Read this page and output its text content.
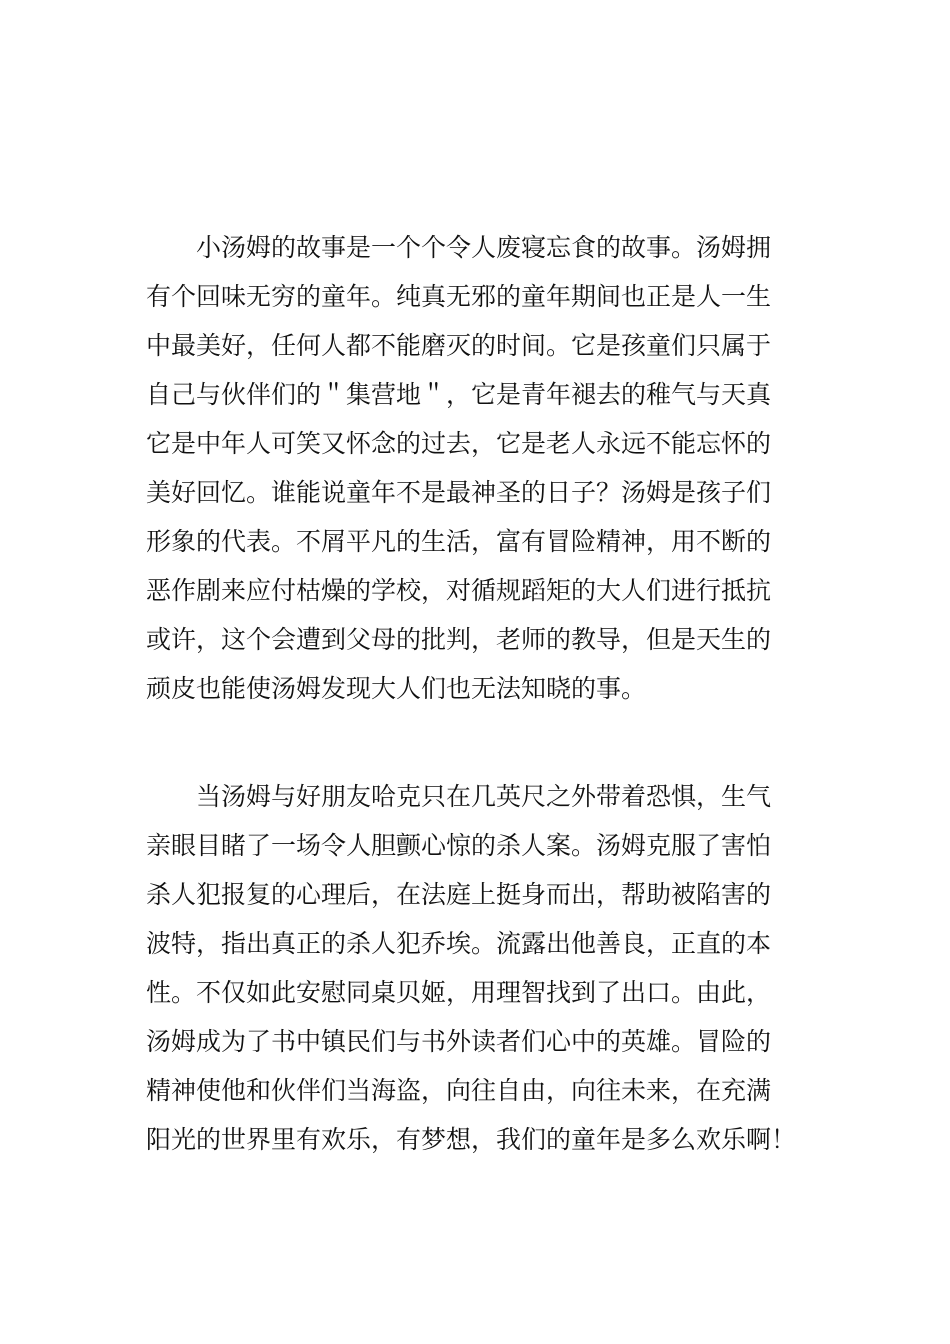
　　小汤姆的故事是一个个令人废寝忘食的故事。汤姆拥
有个回味无穷的童年。纯真无邪的童年期间也正是人一生
中最美好，任何人都不能磨灭的时间。它是孩童们只属于
自己与伙伴们的＂集营地＂，它是青年褪去的稚气与天真
它是中年人可笑又怀念的过去，它是老人永远不能忘怀的
美好回忆。谁能说童年不是最神圣的日子？汤姆是孩子们
形象的代表。不屑平凡的生活，富有冒险精神，用不断的
恶作剧来应付枯燥的学校，对循规蹈矩的大人们进行抵抗
或许，这个会遭到父母的批判，老师的教导，但是天生的
顽皮也能使汤姆发现大人们也无法知晓的事。
　　当汤姆与好朋友哈克只在几英尺之外带着恐惧，生气
亲眼目睹了一场令人胆颤心惊的杀人案。汤姆克服了害怕
杀人犯报复的心理后，在法庭上挺身而出，帮助被陷害的
波特，指出真正的杀人犯乔埃。流露出他善良，正直的本
性。不仅如此安慰同桌贝姬，用理智找到了出口。由此，
汤姆成为了书中镇民们与书外读者们心中的英雄。冒险的
精神使他和伙伴们当海盗，向往自由，向往未来，在充满
阳光的世界里有欢乐，有梦想，我们的童年是多么欢乐啊！
